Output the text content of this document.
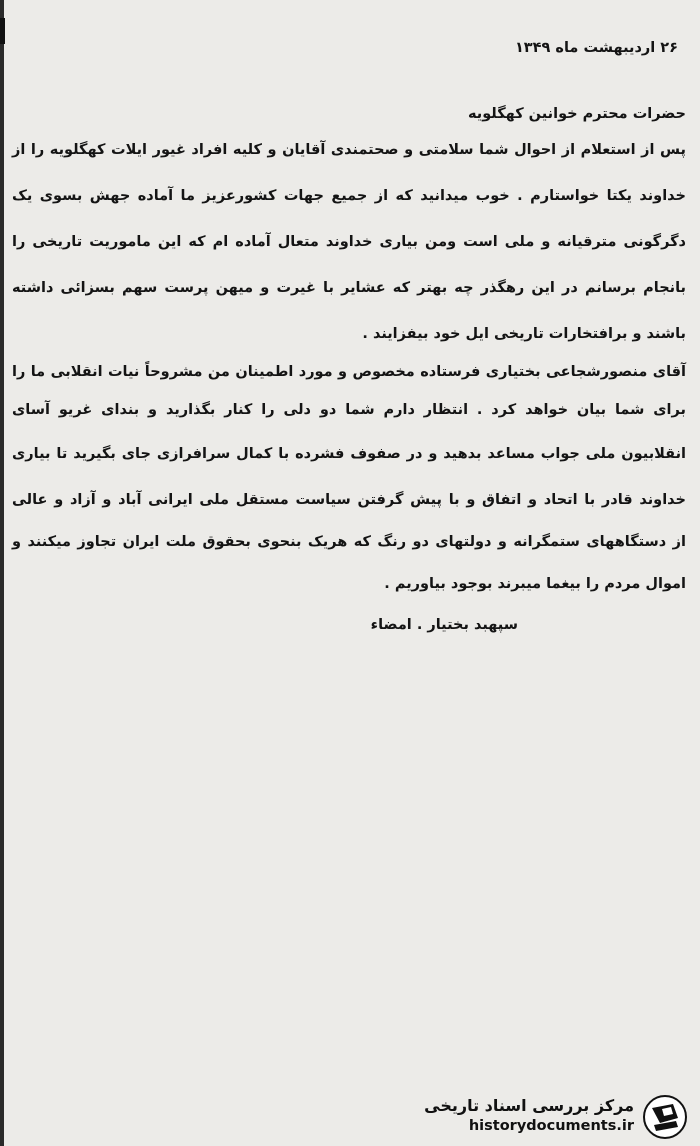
۲۶ اردیبهشت ماه ۱۳۴۹
حضرات محترم خوانین کهگلویه
پس از استعلام از احوال شما سلامتی و صحتمندی آقایان و کلیه افراد غیور ایلات کهگلویه را از
خداوند یکتا خواستارم . خوب میدانید که از جمیع جهات کشورعزیز ما آماده جهش بسوی یک
دگرگونی مترقیانه و ملی است ومن بیاری خداوند متعال آماده ام که این ماموریت تاریخی را
بانجام برسانم در این رهگذر چه بهتر که عشایر با غیرت و میهن پرست سهم بسزائی داشته
باشند و برافتخارات تاریخی ایل خود بیفزایند .
آقای منصورشجاعی بختیاری فرستاده مخصوص و مورد اطمینان من مشروحاً نیات انقلابی ما را
برای شما بیان خواهد کرد . انتظار دارم شما دو دلی را کنار بگذارید و بندای غریو آسای
انقلابیون ملی جواب مساعد بدهید و در صفوف فشرده با کمال سرافرازی جای بگیرید تا بیاری
خداوند قادر با اتحاد و اتفاق و با پیش گرفتن سیاست مستقل ملی ایرانی آباد و آزاد و عالی
از دستگاههای ستمگرانه و دولتهای دو رنگ که هریک بنحوی بحقوق ملت ایران تجاوز میکنند و
اموال مردم را بیغما میبرند بوجود بیاوریم .
سپهبد بختیار . امضاء
مرکز بررسی اسناد تاریخی
historydocuments.ir
